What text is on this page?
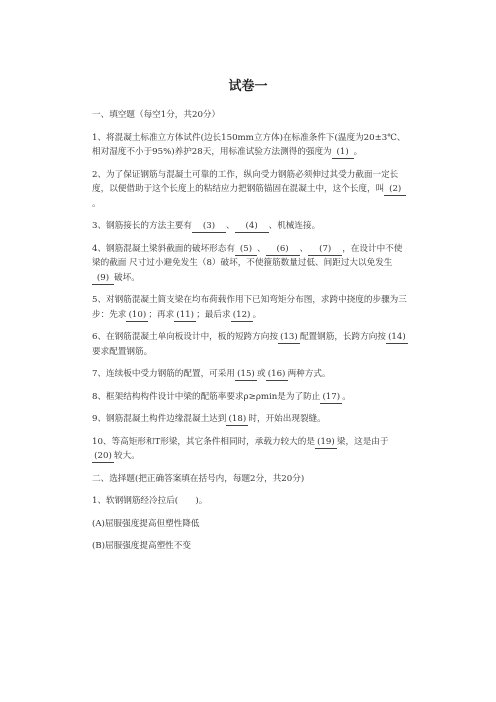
试卷一

一、填空题（每空1分，共20分）

1、将混凝土标准立方体试件(边长150mm立方体)在标准条件下(温度为20±3℃、相对湿度不小于95%)养护28天，用标准试验方法测得的强度为 (1) 。

2、为了保证钢筋与混凝土可靠的工作，纵向受力钢筋必须伸过其受力截面一定长度，以便借助于这个长度上的粘结应力把钢筋锚固在混凝土中，这个长度，叫 (2)。

3、钢筋接长的方法主要有 (3) 、 (4) 、机械连接。

4、钢筋混凝土梁斜截面的破坏形态有 (5) 、 (6) 、 (7) ，在设计中不使梁的截面 尺寸过小避免发生（8）破坏，不使箍筋数量过低、间距过大以免发生(9) 破坏。

5、对钢筋混凝土简支梁在均布荷载作用下已知弯矩分布图，求跨中挠度的步骤为三步：先求 (10) ；再求 (11) ；最后求 (12) 。

6、在钢筋混凝土单向板设计中，板的短跨方向按 (13) 配置钢筋，长跨方向按 (14)要求配置钢筋。

7、连续板中受力钢筋的配置，可采用 (15) 或 (16) 两种方式。

8、框架结构构件设计中梁的配筋率要求ρ≥ρmin是为了防止 (17) 。

9、钢筋混凝土构件边缘混凝土达到 (18) 时，开始出现裂缝。

10、等高矩形和T形梁，其它条件相同时，承载力较大的是 (19) 梁，这是由于(20) 较大。

二、选择题(把正确答案填在括号内，每题2分，共20分)

1、软钢钢筋经冷拉后(　　)。

(A)屈服强度提高但塑性降低

(B)屈服强度提高塑性不变
